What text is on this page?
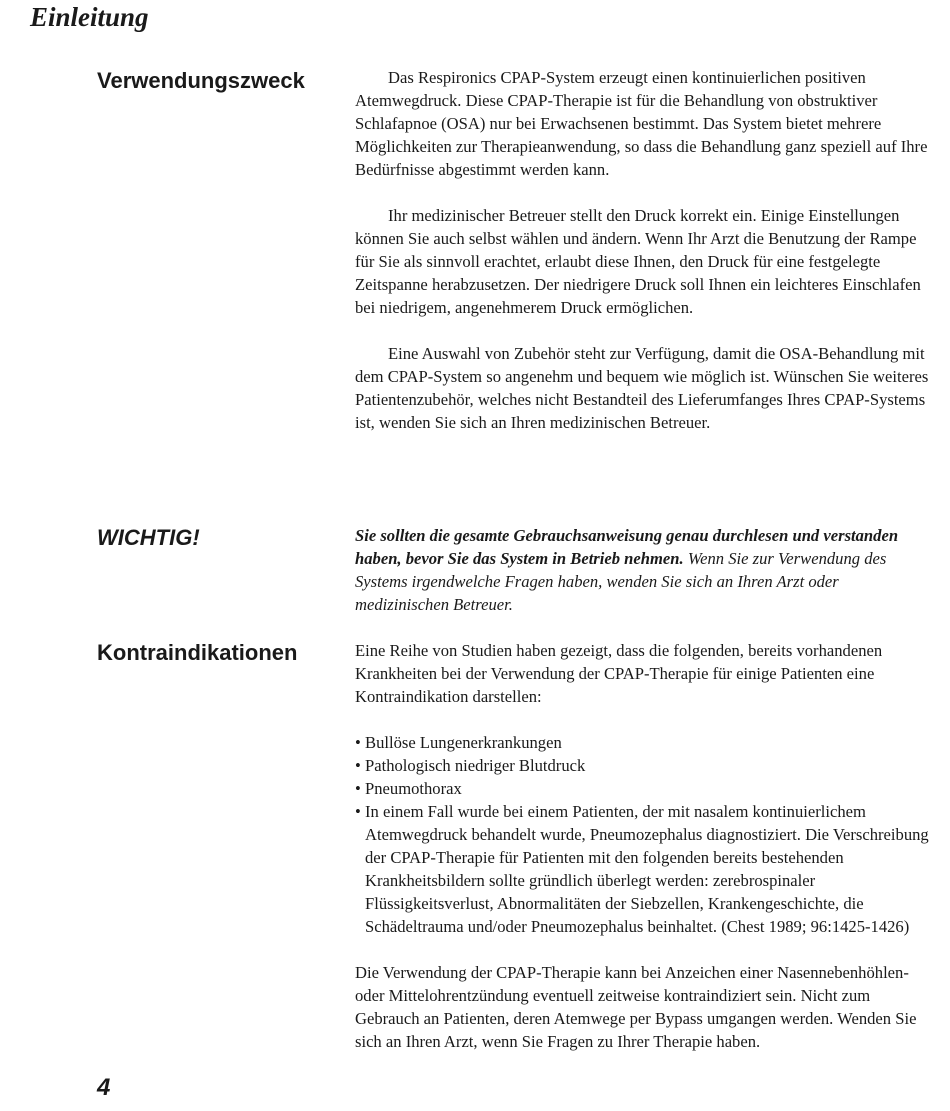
Einleitung
Verwendungszweck	Das Respironics CPAP-System erzeugt einen kontinuierlichen positiven Atemwegdruck. Diese CPAP-Therapie ist für die Behandlung von obstruktiver Schlafapnoe (OSA) nur bei Erwachsenen bestimmt. Das System bietet mehrere Möglichkeiten zur Therapieanwendung, so dass die Behandlung ganz speziell auf Ihre Bedürfnisse abgestimmt werden kann.

Ihr medizinischer Betreuer stellt den Druck korrekt ein. Einige Einstellungen können Sie auch selbst wählen und ändern. Wenn Ihr Arzt die Benutzung der Rampe für Sie als sinnvoll erachtet, erlaubt diese Ihnen, den Druck für eine festgelegte Zeitspanne herabzusetzen. Der niedrigere Druck soll Ihnen ein leichteres Einschlafen bei niedrigem, angenehmerem Druck ermöglichen.

Eine Auswahl von Zubehör steht zur Verfügung, damit die OSA-Behandlung mit dem CPAP-System so angenehm und bequem wie möglich ist. Wünschen Sie weiteres Patientenzubehör, welches nicht Bestandteil des Lieferumfanges Ihres CPAP-Systems ist, wenden Sie sich an Ihren medizinischen Betreuer.

WICHTIG!	Sie sollten die gesamte Gebrauchsanweisung genau durchlesen und verstanden haben, bevor Sie das System in Betrieb nehmen. Wenn Sie zur Verwendung des Systems irgendwelche Fragen haben, wenden Sie sich an Ihren Arzt oder medizinischen Betreuer.

Kontraindikationen	Eine Reihe von Studien haben gezeigt, dass die folgenden, bereits vorhandenen Krankheiten bei der Verwendung der CPAP-Therapie für einige Patienten eine Kontraindikation darstellen:

• Bullöse Lungenerkrankungen
• Pathologisch niedriger Blutdruck
• Pneumothorax
• In einem Fall wurde bei einem Patienten, der mit nasalem kontinuierlichem Atemwegdruck behandelt wurde, Pneumozephalus diagnostiziert. Die Verschreibung der CPAP-Therapie für Patienten mit den folgenden bereits bestehenden Krankheitsbildern sollte gründlich überlegt werden: zerebrospinaler Flüssigkeitsverlust, Abnormalitäten der Siebzellen, Krankengeschichte, die Schädeltrauma und/oder Pneumozephalus beinhaltet. (Chest 1989; 96:1425-1426)

Die Verwendung der CPAP-Therapie kann bei Anzeichen einer Nasennebenhöhlen- oder Mittelohrentzündung eventuell zeitweise kontraindiziert sein. Nicht zum Gebrauch an Patienten, deren Atemwege per Bypass umgangen werden. Wenden Sie sich an Ihren Arzt, wenn Sie Fragen zu Ihrer Therapie haben.

4
